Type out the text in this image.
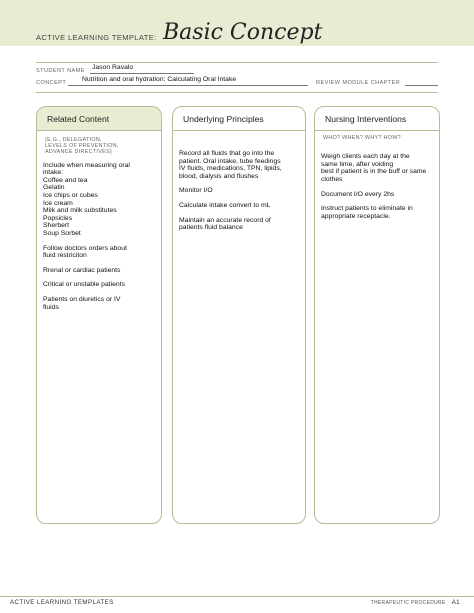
ACTIVE LEARNING TEMPLATE: Basic Concept
STUDENT NAME Jason Ravalo
CONCEPT Nutrition and oral hydration: Calculating Oral Intake	REVIEW MODULE CHAPTER
Related Content
(E.G., DELEGATION,
LEVELS OF PREVENTION,
ADVANCE DIRECTIVES)
Include when measuring oral
intake:
Coffee and tea
Gelatin
Ice chips or cubes
Ice cream
Milk and milk substitutes
Popsicles
Sherbert
Soup Sorbet
Follow doctors orders about
fluid restriciton
Rrenal or cardiac patients
Critical or unstable patients
Patients on diuretics or IV
fluids
Underlying Principles
Record all fluids that go into the
patient. Oral intake, tube feedings
IV fluids, medications, TPN, lipids,
blood, dialysis and flushes
Monitor I/O
Calculate intake convert to mL
Maintain an accurate record of
patients fluid balance
Nursing Interventions
WHO? WHEN? WHY? HOW?
Weigh clients each day at the
same time, after voiding
best if patient is in the buff or same
clothes
Document I/O every 2hs
Instruct patients to eliminate in
appropriate receptacle.
ACTIVE LEARNING TEMPLATES	THERAPEUTIC PROCEDURE A1
